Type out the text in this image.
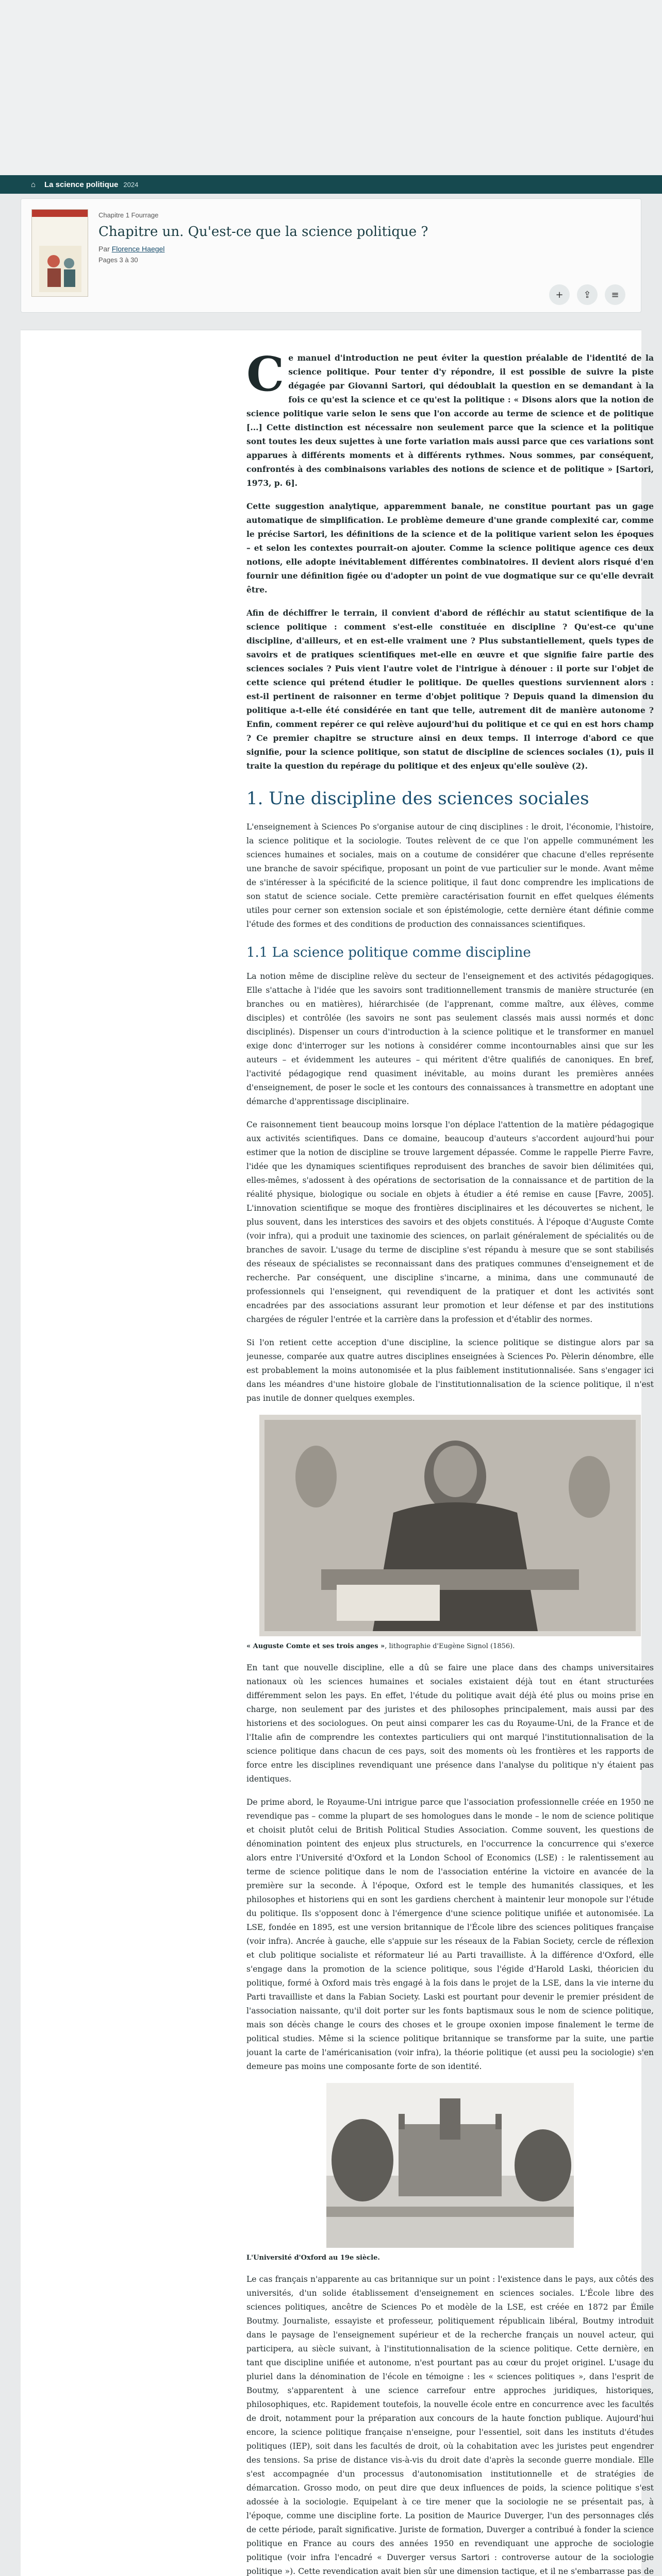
⌂	La science politique 2024
Chapitre 1 Fourrage
Chapitre un. Qu'est-ce que la science politique ?
Par Florence Haegel
Pages 3 à 30
+ ⇪ ≡

Ce manuel d'introduction ne peut éviter la question préalable de l'identité de la science politique. Pour tenter d'y répondre, il est possible de suivre la piste dégagée par Giovanni Sartori, qui dédoublait la question en se demandant à la fois ce qu'est la science et ce qu'est la politique : « Disons alors que la notion de science politique varie selon le sens que l'on accorde au terme de science et de politique [...] Cette distinction est nécessaire non seulement parce que la science et la politique sont toutes les deux sujettes à une forte variation mais aussi parce que ces variations sont apparues à différents moments et à différents rythmes. Nous sommes, par conséquent, confrontés à des combinaisons variables des notions de science et de politique » [Sartori, 1973, p. 6].

Cette suggestion analytique, apparemment banale, ne constitue pourtant pas un gage automatique de simplification. Le problème demeure d'une grande complexité car, comme le précise Sartori, les définitions de la science et de la politique varient selon les époques – et selon les contextes pourrait-on ajouter. Comme la science politique agence ces deux notions, elle adopte inévitablement différentes combinatoires. Il devient alors risqué d'en fournir une définition figée ou d'adopter un point de vue dogmatique sur ce qu'elle devrait être.

Afin de déchiffrer le terrain, il convient d'abord de réfléchir au statut scientifique de la science politique : comment s'est-elle constituée en discipline ? Qu'est-ce qu'une discipline, d'ailleurs, et en est-elle vraiment une ? Plus substantiellement, quels types de savoirs et de pratiques scientifiques met-elle en œuvre et que signifie faire partie des sciences sociales ? Puis vient l'autre volet de l'intrigue à dénouer : il porte sur l'objet de cette science qui prétend étudier le politique. De quelles questions surviennent alors : est-il pertinent de raisonner en terme d'objet politique ? Depuis quand la dimension du politique a-t-elle été considérée en tant que telle, autrement dit de manière autonome ? Enfin, comment repérer ce qui relève aujourd'hui du politique et ce qui en est hors champ ? Ce premier chapitre se structure ainsi en deux temps. Il interroge d'abord ce que signifie, pour la science politique, son statut de discipline de sciences sociales (1), puis il traite la question du repérage du politique et des enjeux qu'elle soulève (2).

1. Une discipline des sciences sociales

L'enseignement à Sciences Po s'organise autour de cinq disciplines : le droit, l'économie, l'histoire, la science politique et la sociologie. Toutes relèvent de ce que l'on appelle communément les sciences humaines et sociales, mais on a coutume de considérer que chacune d'elles représente une branche de savoir spécifique, proposant un point de vue particulier sur le monde. Avant même de s'intéresser à la spécificité de la science politique, il faut donc comprendre les implications de son statut de science sociale. Cette première caractérisation fournit en effet quelques éléments utiles pour cerner son extension sociale et son épistémologie, cette dernière étant définie comme l'étude des formes et des conditions de production des connaissances scientifiques.

1.1 La science politique comme discipline

La notion même de discipline relève du secteur de l'enseignement et des activités pédagogiques. Elle s'attache à l'idée que les savoirs sont traditionnellement transmis de manière structurée (en branches ou en matières), hiérarchisée (de l'apprenant, comme maître, aux élèves, comme disciples) et contrôlée (les savoirs ne sont pas seulement classés mais aussi normés et donc disciplinés). Dispenser un cours d'introduction à la science politique et le transformer en manuel exige donc d'interroger sur les notions à considérer comme incontournables ainsi que sur les auteurs – et évidemment les auteures – qui méritent d'être qualifiés de canoniques. En bref, l'activité pédagogique rend quasiment inévitable, au moins durant les premières années d'enseignement, de poser le socle et les contours des connaissances à transmettre en adoptant une démarche d'apprentissage disciplinaire.

Ce raisonnement tient beaucoup moins lorsque l'on déplace l'attention de la matière pédagogique aux activités scientifiques. Dans ce domaine, beaucoup d'auteurs s'accordent aujourd'hui pour estimer que la notion de discipline se trouve largement dépassée. Comme le rappelle Pierre Favre, l'idée que les dynamiques scientifiques reproduisent des branches de savoir bien délimitées qui, elles-mêmes, s'adossent à des opérations de sectorisation de la connaissance et de partition de la réalité physique, biologique ou sociale en objets à étudier a été remise en cause [Favre, 2005]. L'innovation scientifique se moque des frontières disciplinaires et les découvertes se nichent, le plus souvent, dans les interstices des savoirs et des objets constitués. À l'époque d'Auguste Comte (voir infra), qui a produit une taxinomie des sciences, on parlait généralement de spécialités ou de branches de savoir. L'usage du terme de discipline s'est répandu à mesure que se sont stabilisés des réseaux de spécialistes se reconnaissant dans des pratiques communes d'enseignement et de recherche. Par conséquent, une discipline s'incarne, a minima, dans une communauté de professionnels qui l'enseignent, qui revendiquent de la pratiquer et dont les activités sont encadrées par des associations assurant leur promotion et leur défense et par des institutions chargées de réguler l'entrée et la carrière dans la profession et d'établir des normes.

Si l'on retient cette acception d'une discipline, la science politique se distingue alors par sa jeunesse, comparée aux quatre autres disciplines enseignées à Sciences Po. Pèlerin dénombre, elle est probablement la moins autonomisée et la plus faiblement institutionnalisée. Sans s'engager ici dans les méandres d'une histoire globale de l'institutionnalisation de la science politique, il n'est pas inutile de donner quelques exemples.

« Auguste Comte et ses trois anges », lithographie d'Eugène Signol (1856).

En tant que nouvelle discipline, elle a dû se faire une place dans des champs universitaires nationaux où les sciences humaines et sociales existaient déjà tout en étant structurées différemment selon les pays. En effet, l'étude du politique avait déjà été plus ou moins prise en charge, non seulement par des juristes et des philosophes principalement, mais aussi par des historiens et des sociologues. On peut ainsi comparer les cas du Royaume-Uni, de la France et de l'Italie afin de comprendre les contextes particuliers qui ont marqué l'institutionnalisation de la science politique dans chacun de ces pays, soit des moments où les frontières et les rapports de force entre les disciplines revendiquant une présence dans l'analyse du politique n'y étaient pas identiques.

De prime abord, le Royaume-Uni intrigue parce que l'association professionnelle créée en 1950 ne revendique pas – comme la plupart de ses homologues dans le monde – le nom de science politique et choisit plutôt celui de British Political Studies Association. Comme souvent, les questions de dénomination pointent des enjeux plus structurels, en l'occurrence la concurrence qui s'exerce alors entre l'Université d'Oxford et la London School of Economics (LSE) : le ralentissement au terme de science politique dans le nom de l'association entérine la victoire en avancée de la première sur la seconde. À l'époque, Oxford est le temple des humanités classiques, et les philosophes et historiens qui en sont les gardiens cherchent à maintenir leur monopole sur l'étude du politique. Ils s'opposent donc à l'émergence d'une science politique unifiée et autonomisée. La LSE, fondée en 1895, est une version britannique de l'École libre des sciences politiques française (voir infra). Ancrée à gauche, elle s'appuie sur les réseaux de la Fabian Society, cercle de réflexion et club politique socialiste et réformateur lié au Parti travailliste. À la différence d'Oxford, elle s'engage dans la promotion de la science politique, sous l'égide d'Harold Laski, théoricien du politique, formé à Oxford mais très engagé à la fois dans le projet de la LSE, dans la vie interne du Parti travailliste et dans la Fabian Society. Laski est pourtant pour devenir le premier président de l'association naissante, qu'il doit porter sur les fonts baptismaux sous le nom de science politique, mais son décès change le cours des choses et le groupe oxonien impose finalement le terme de political studies. Même si la science politique britannique se transforme par la suite, une partie jouant la carte de l'américanisation (voir infra), la théorie politique (et aussi peu la sociologie) s'en demeure pas moins une composante forte de son identité.

L'Université d'Oxford au 19e siècle.

Le cas français n'apparente au cas britannique sur un point : l'existence dans le pays, aux côtés des universités, d'un solide établissement d'enseignement en sciences sociales. L'École libre des sciences politiques, ancêtre de Sciences Po et modèle de la LSE, est créée en 1872 par Émile Boutmy. Journaliste, essayiste et professeur, politiquement républicain libéral, Boutmy introduit dans le paysage de l'enseignement supérieur et de la recherche français un nouvel acteur, qui participera, au siècle suivant, à l'institutionnalisation de la science politique. Cette dernière, en tant que discipline unifiée et autonome, n'est pourtant pas au cœur du projet originel. L'usage du pluriel dans la dénomination de l'école en témoigne : les « sciences politiques », dans l'esprit de Boutmy, s'apparentent à une science carrefour entre approches juridiques, historiques, philosophiques, etc. Rapidement toutefois, la nouvelle école entre en concurrence avec les facultés de droit, notamment pour la préparation aux concours de la haute fonction publique. Aujourd'hui encore, la science politique française n'enseigne, pour l'essentiel, soit dans les instituts d'études politiques (IEP), soit dans les facultés de droit, où la cohabitation avec les juristes peut engendrer des tensions. Sa prise de distance vis-à-vis du droit date d'après la seconde guerre mondiale. Elle s'est accompagnée d'un processus d'autonomisation institutionnelle et de stratégies de démarcation. Grosso modo, on peut dire que deux influences de poids, la science politique s'est adossée à la sociologie. Equipelant à ce tire mener que la sociologie ne se présentait pas, à l'époque, comme une discipline forte. La position de Maurice Duverger, l'un des personnages clés de cette période, paraît significative. Juriste de formation, Duverger a contribué à fonder la science politique en France au cours des années 1950 en revendiquant une approche de sociologie politique (voir infra l'encadré « Duverger versus Sartori : controverse autour de la sociologie politique »). Cette revendication avait bien sûr une dimension tactique, et il ne s'embarrasse pas de
